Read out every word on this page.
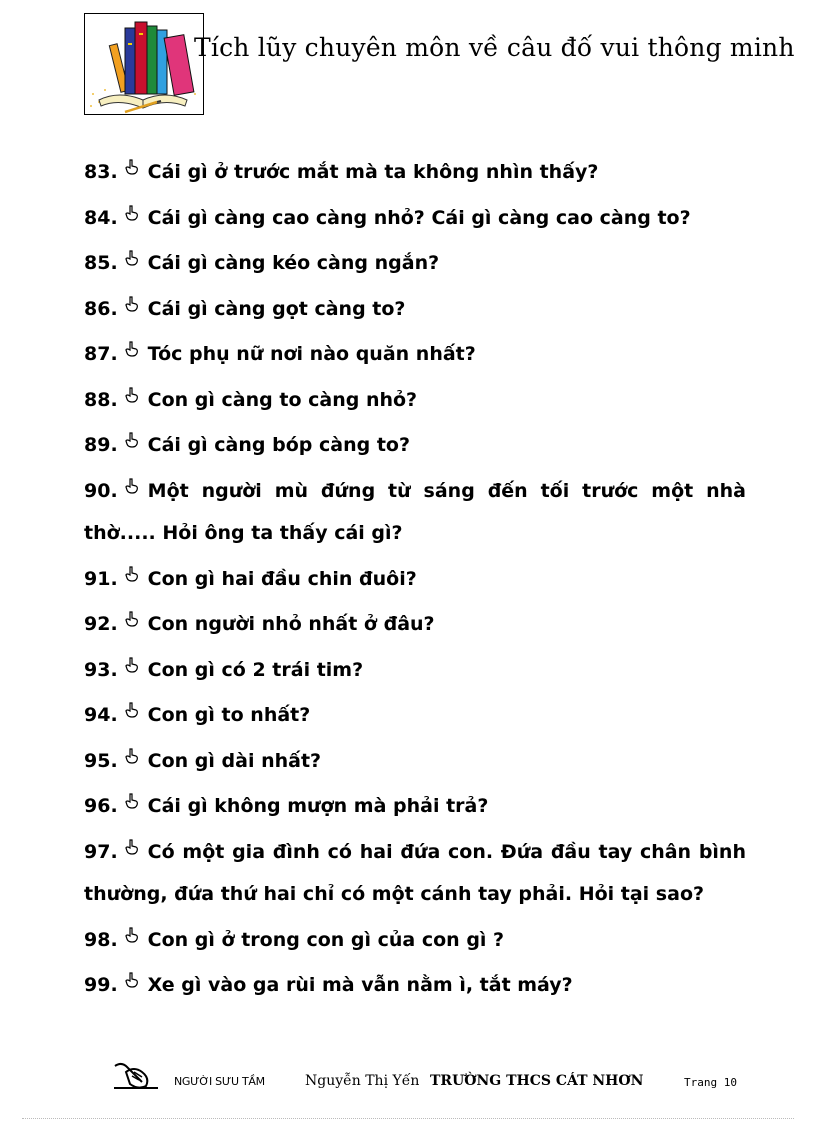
Tích lũy chuyên môn về câu đố vui thông minh
83. Cái gì ở trước mắt mà ta không nhìn thấy?
84. Cái gì càng cao càng nhỏ? Cái gì càng cao càng to?
85. Cái gì càng kéo càng ngắn?
86. Cái gì càng gọt càng to?
87. Tóc phụ nữ nơi nào quăn nhất?
88. Con gì càng to càng nhỏ?
89. Cái gì càng bóp càng to?
90. Một người mù đứng từ sáng đến tối trước một nhà thờ..... Hỏi ông ta thấy cái gì?
91. Con gì hai đầu chin đuôi?
92. Con người nhỏ nhất ở đâu?
93. Con gì có 2 trái tim?
94. Con gì to nhất?
95. Con gì dài nhất?
96. Cái gì không mượn mà phải trả?
97. Có một gia đình có hai đứa con. Đứa đầu tay chân bình thường, đứa thứ hai chỉ có một cánh tay phải. Hỏi tại sao?
98. Con gì ở trong con gì của con gì ?
99. Xe gì vào ga rùi mà vẫn nằm ì, tắt máy?
NGƯỜI SƯU TẦM	Nguyễn Thị Yến TRƯỜNG THCS CÁT NHƠN	Trang 10
